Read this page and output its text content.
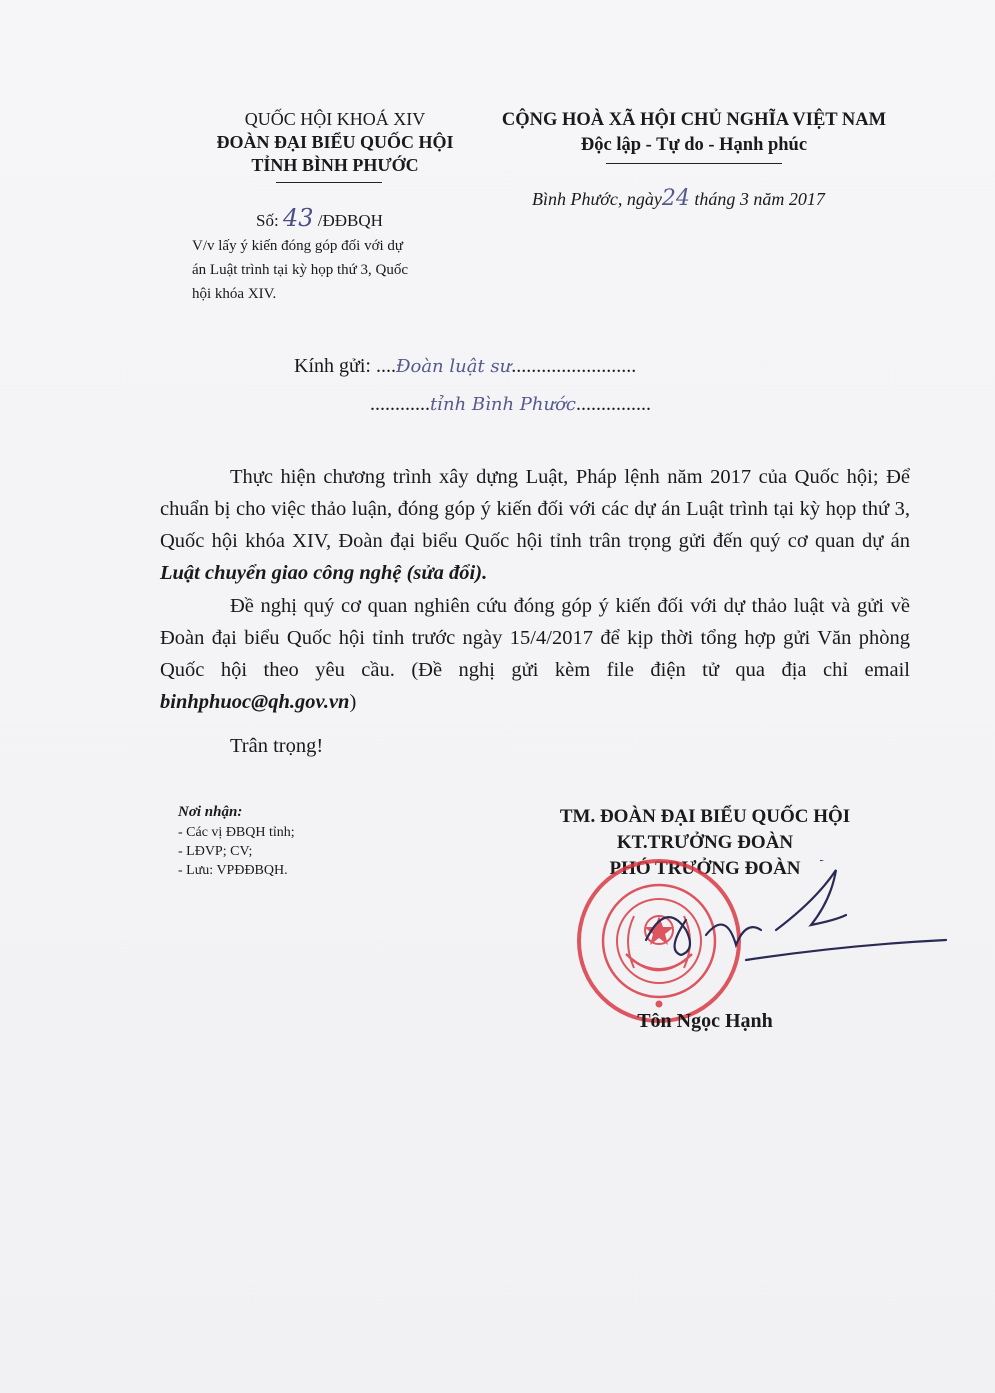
QUỐC HỘI KHOÁ XIV
ĐOÀN ĐẠI BIỂU QUỐC HỘI
TỈNH BÌNH PHƯỚC
CỘNG HOÀ XÃ HỘI CHỦ NGHĨA VIỆT NAM
Độc lập - Tự do - Hạnh phúc
Số: 43 /ĐĐBQH
V/v lấy ý kiến đóng góp đối với dự
án Luật trình tại kỳ họp thứ 3, Quốc
hội khóa XIV.
Bình Phước, ngày24 tháng 3 năm 2017
Kính gửi: ....Đoàn luật sư.........................
............tỉnh Bình Phước...............

Thực hiện chương trình xây dựng Luật, Pháp lệnh năm 2017 của Quốc hội; Để chuẩn bị cho việc thảo luận, đóng góp ý kiến đối với các dự án Luật trình tại kỳ họp thứ 3, Quốc hội khóa XIV, Đoàn đại biểu Quốc hội tỉnh trân trọng gửi đến quý cơ quan dự án Luật chuyển giao công nghệ (sửa đổi).

Đề nghị quý cơ quan nghiên cứu đóng góp ý kiến đối với dự thảo luật và gửi về Đoàn đại biểu Quốc hội tỉnh trước ngày 15/4/2017 để kịp thời tổng hợp gửi Văn phòng Quốc hội theo yêu cầu. (Đề nghị gửi kèm file điện tử qua địa chỉ email binhphuoc@qh.gov.vn)

Trân trọng!

Nơi nhận:
- Các vị ĐBQH tỉnh;
- LĐVP; CV;
- Lưu: VPĐĐBQH.
TM. ĐOÀN ĐẠI BIỂU QUỐC HỘI
KT.TRƯỞNG ĐOÀN
PHÓ TRƯỞNG ĐOÀN
Tôn Ngọc Hạnh
